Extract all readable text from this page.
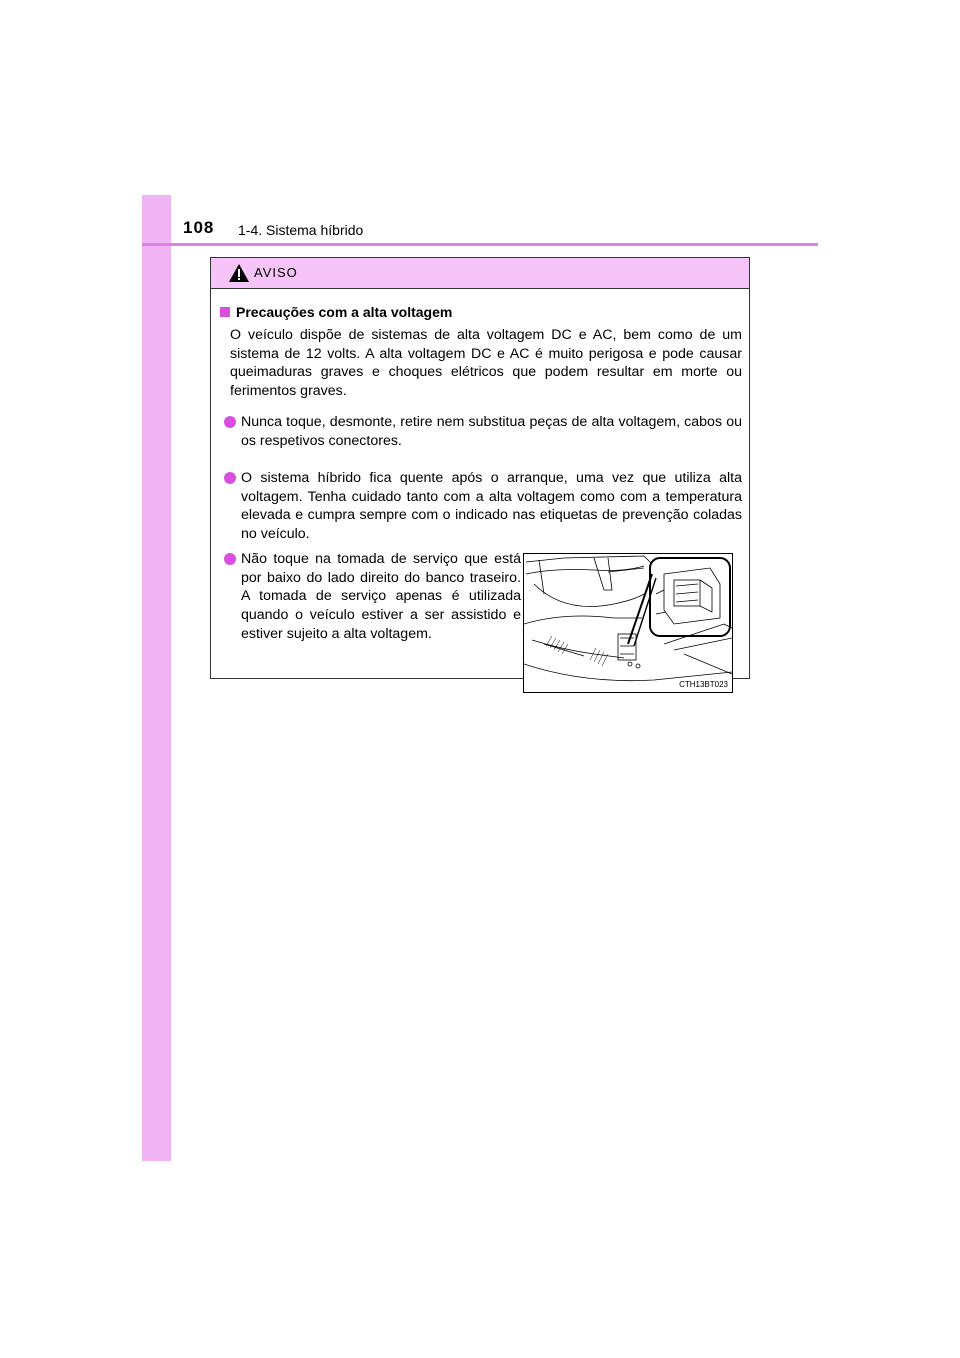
108 1-4. Sistema híbrido
AVISO
Precauções com a alta voltagem
O veículo dispõe de sistemas de alta voltagem DC e AC, bem como de um sistema de 12 volts. A alta voltagem DC e AC é muito perigosa e pode causar queimaduras graves e choques elétricos que podem resultar em morte ou ferimentos graves.
Nunca toque, desmonte, retire nem substitua peças de alta voltagem, cabos ou os respetivos conectores.
O sistema híbrido fica quente após o arranque, uma vez que utiliza alta voltagem. Tenha cuidado tanto com a alta voltagem como com a temperatura elevada e cumpra sempre com o indicado nas etiquetas de prevenção coladas no veículo.
Não toque na tomada de serviço que está por baixo do lado direito do banco traseiro. A tomada de serviço apenas é utilizada quando o veículo estiver a ser assistido e estiver sujeito a alta voltagem.
CTH13BT023
